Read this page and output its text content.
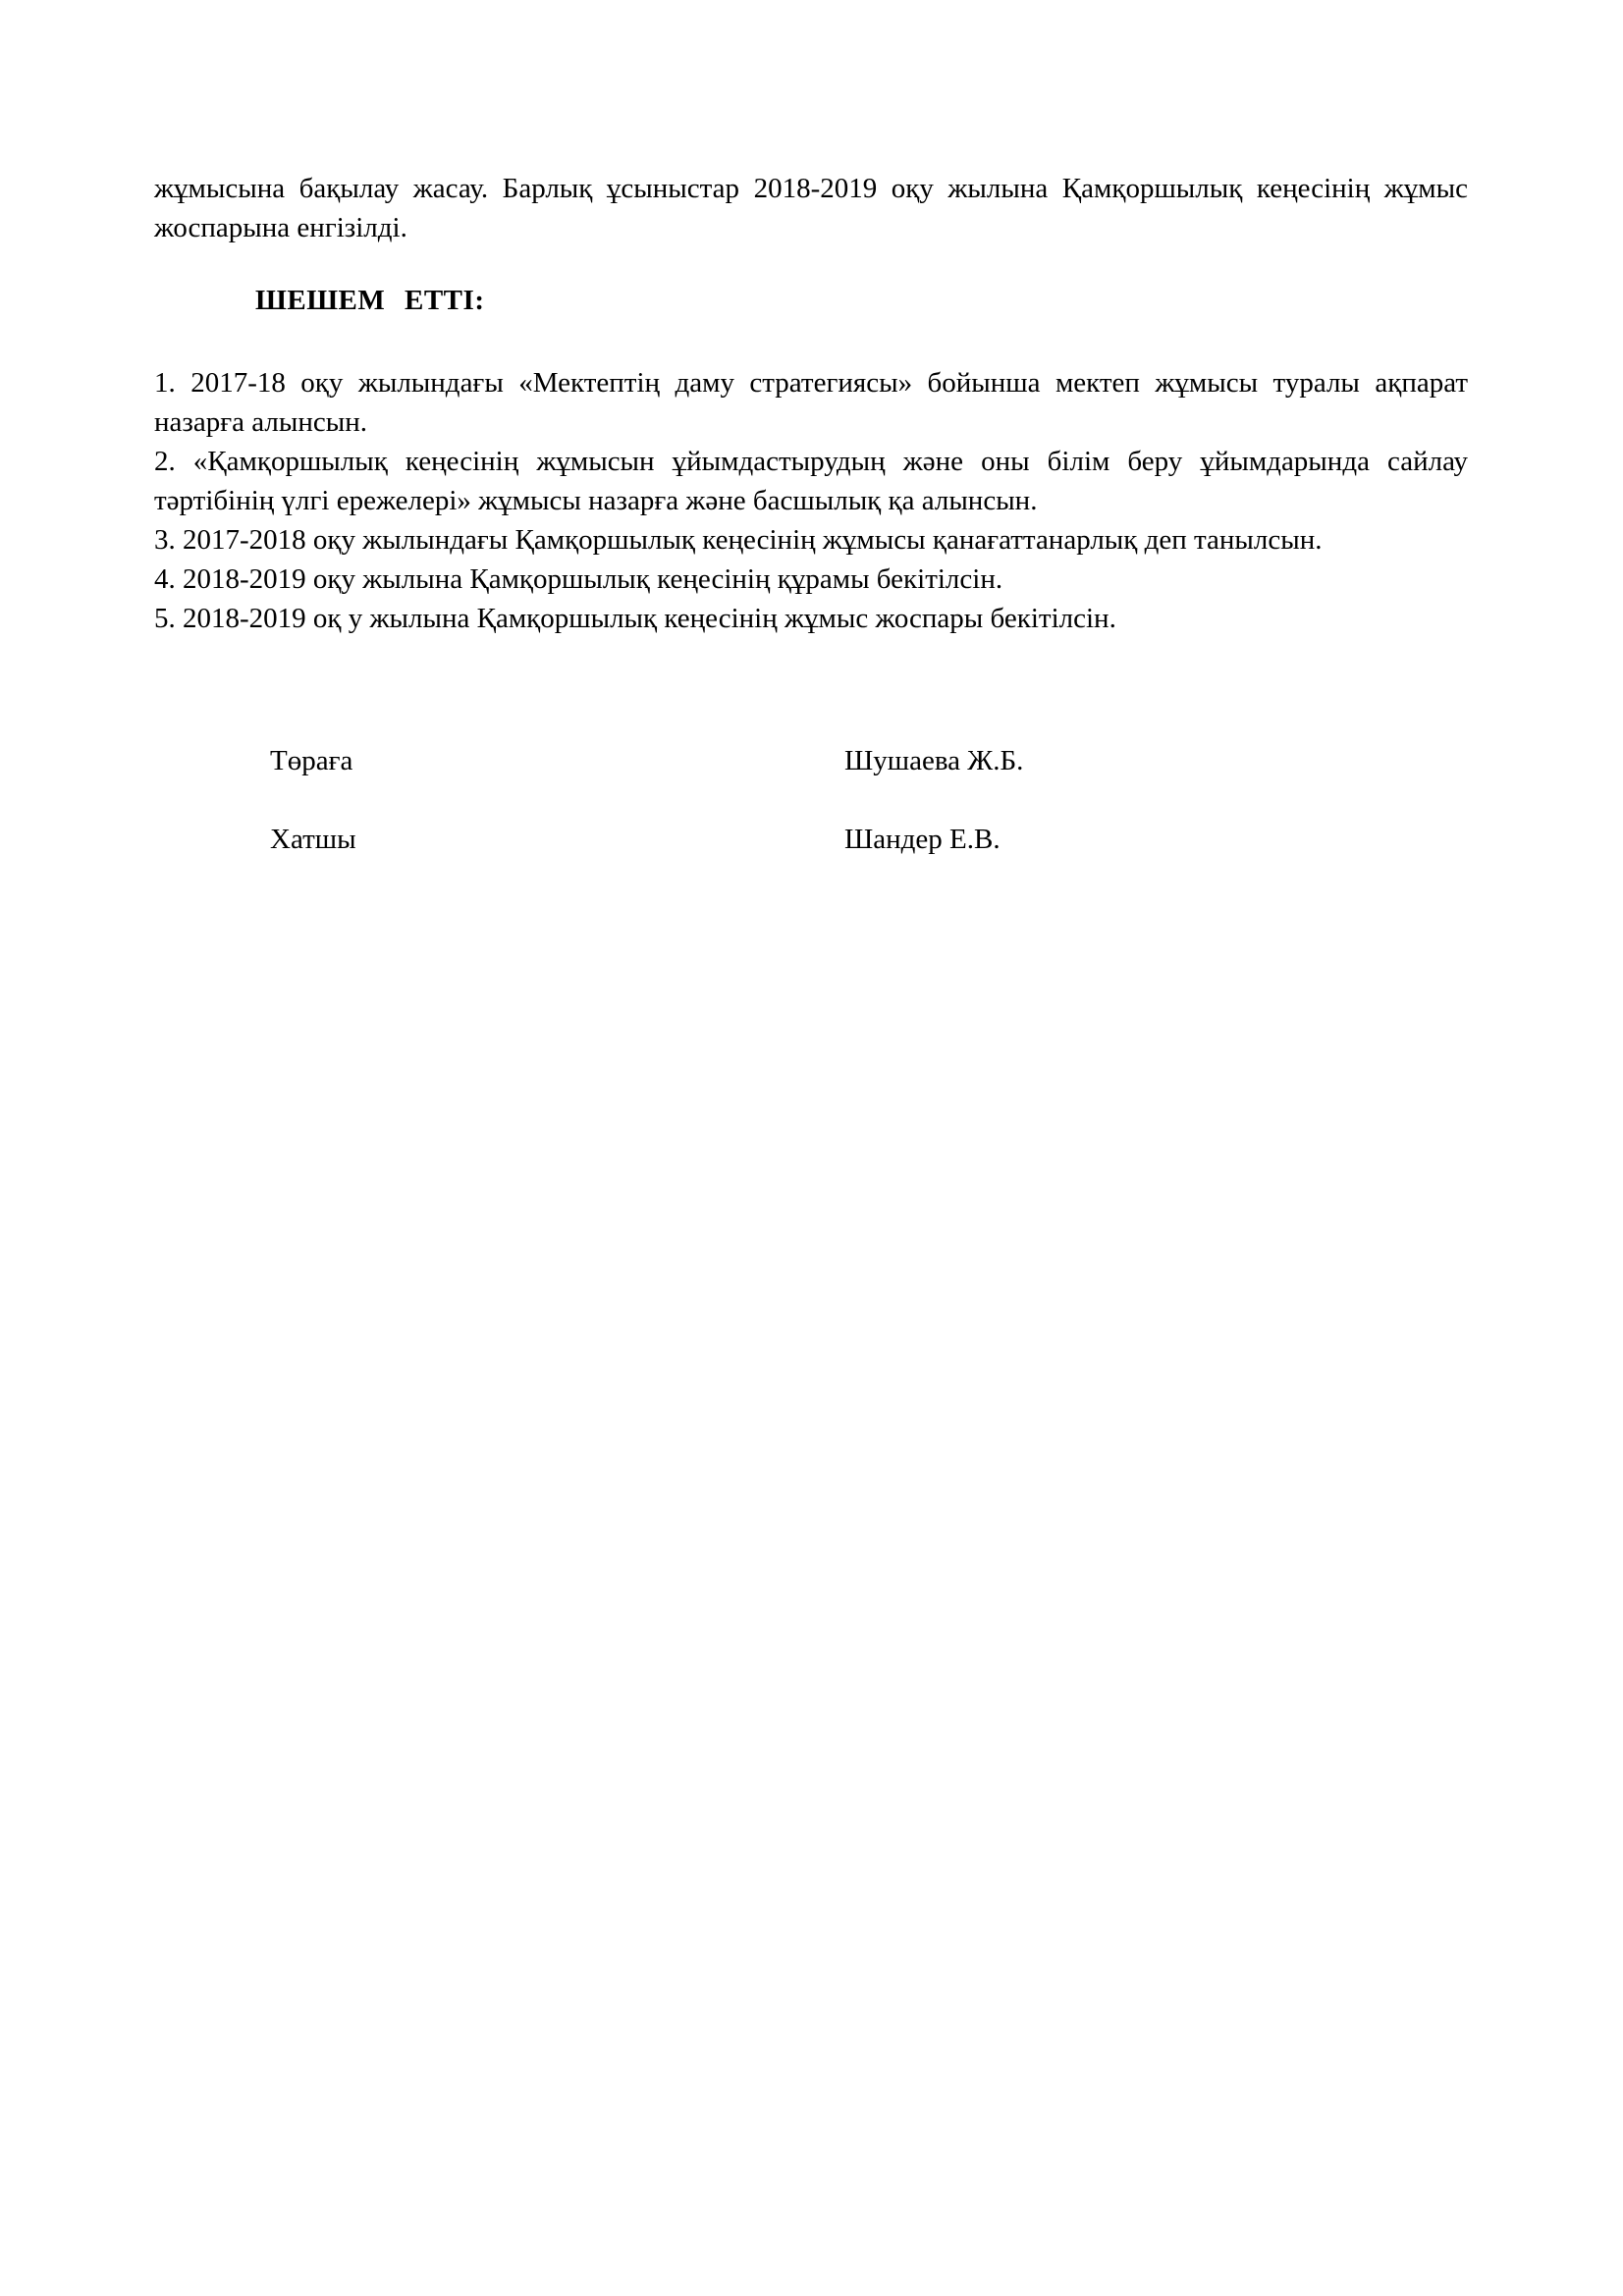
жұмысына бақылау жасау. Барлық ұсыныстар 2018-2019 оқу жылына Қамқоршылық кеңесінің жұмыс жоспарына енгізілді.

ШЕШЕМ ЕТТІ:
1. 2017-18 оқу жылындағы «Мектептің даму стратегиясы» бойынша мектеп жұмысы туралы ақпарат назарға алынсын.
2. «Қамқоршылық кеңесінің жұмысын ұйымдастырудың және оны білім беру ұйымдарында сайлау тәртібінің үлгі ережелері» жұмысы назарға және басшылық қа алынсын.
3. 2017-2018 оқу жылындағы Қамқоршылық кеңесінің жұмысы қанағаттанарлық деп танылсын.
4. 2018-2019 оқу жылына Қамқоршылық кеңесінің құрамы бекітілсін.
5. 2018-2019 оқ у жылына Қамқоршылық кеңесінің жұмыс жоспары бекітілсін.
Төраға	Шушаева Ж.Б.
Хатшы	Шандер Е.В.
